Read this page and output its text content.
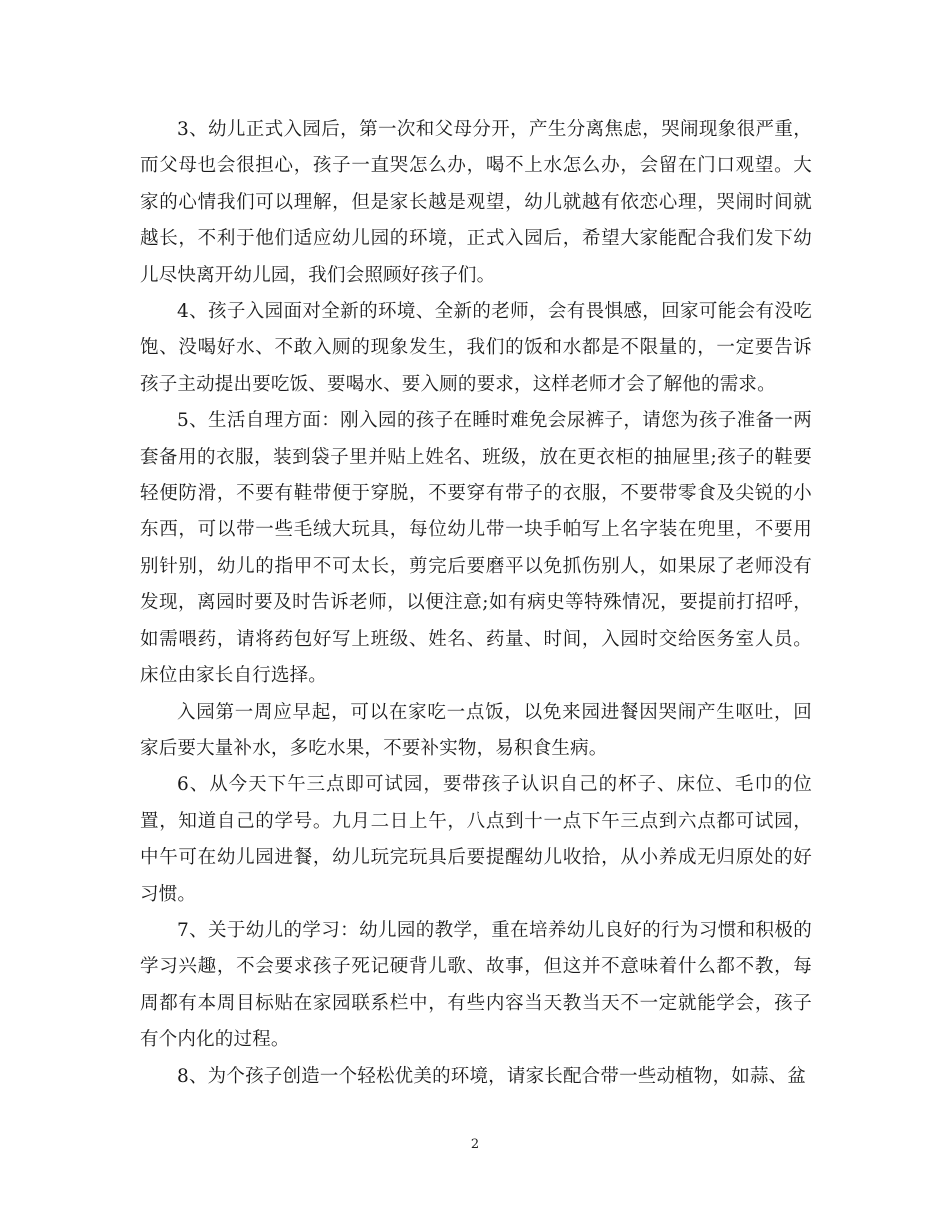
3、幼儿正式入园后，第一次和父母分开，产生分离焦虑，哭闹现象很严重，而父母也会很担心，孩子一直哭怎么办，喝不上水怎么办，会留在门口观望。大家的心情我们可以理解，但是家长越是观望，幼儿就越有依恋心理，哭闹时间就越长，不利于他们适应幼儿园的环境，正式入园后，希望大家能配合我们发下幼儿尽快离开幼儿园，我们会照顾好孩子们。

4、孩子入园面对全新的环境、全新的老师，会有畏惧感，回家可能会有没吃饱、没喝好水、不敢入厕的现象发生，我们的饭和水都是不限量的，一定要告诉孩子主动提出要吃饭、要喝水、要入厕的要求，这样老师才会了解他的需求。

5、生活自理方面：刚入园的孩子在睡时难免会尿裤子，请您为孩子准备一两套备用的衣服，装到袋子里并贴上姓名、班级，放在更衣柜的抽屉里;孩子的鞋要轻便防滑，不要有鞋带便于穿脱，不要穿有带子的衣服，不要带零食及尖锐的小东西，可以带一些毛绒大玩具，每位幼儿带一块手帕写上名字装在兜里，不要用别针别，幼儿的指甲不可太长，剪完后要磨平以免抓伤别人，如果尿了老师没有发现，离园时要及时告诉老师，以便注意;如有病史等特殊情况，要提前打招呼，如需喂药，请将药包好写上班级、姓名、药量、时间，入园时交给医务室人员。床位由家长自行选择。

入园第一周应早起，可以在家吃一点饭，以免来园进餐因哭闹产生呕吐，回家后要大量补水，多吃水果，不要补实物，易积食生病。

6、从今天下午三点即可试园，要带孩子认识自己的杯子、床位、毛巾的位置，知道自己的学号。九月二日上午，八点到十一点下午三点到六点都可试园，中午可在幼儿园进餐，幼儿玩完玩具后要提醒幼儿收拾，从小养成无归原处的好习惯。

7、关于幼儿的学习：幼儿园的教学，重在培养幼儿良好的行为习惯和积极的学习兴趣，不会要求孩子死记硬背儿歌、故事，但这并不意味着什么都不教，每周都有本周目标贴在家园联系栏中，有些内容当天教当天不一定就能学会，孩子有个内化的过程。

8、为个孩子创造一个轻松优美的环境，请家长配合带一些动植物，如蒜、盆

2
